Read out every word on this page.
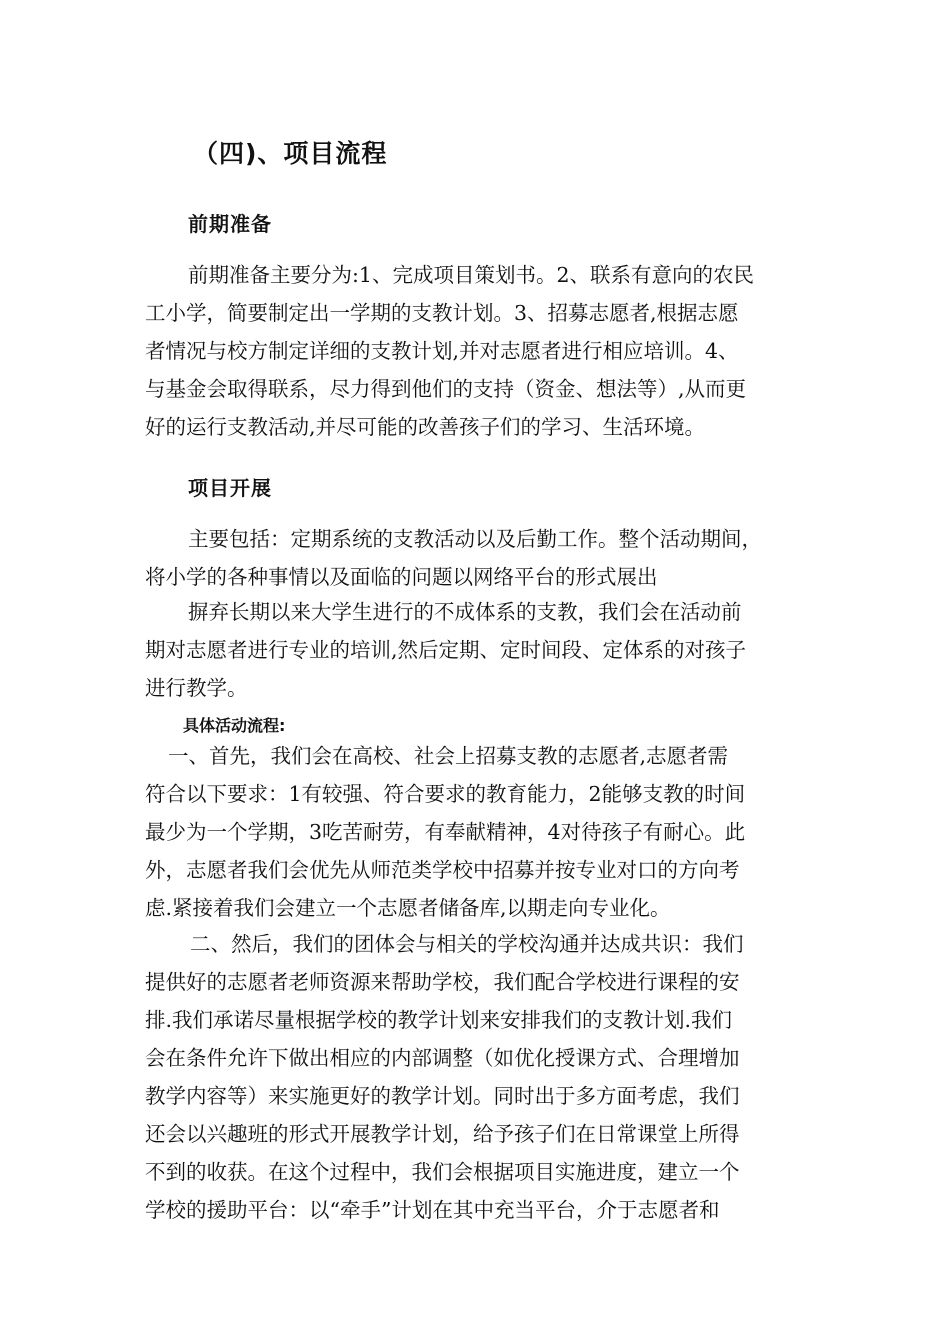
（四)、项目流程
前期准备
前期准备主要分为:1、完成项目策划书。2、联系有意向的农民
工小学，简要制定出一学期的支教计划。3、招募志愿者,根据志愿
者情况与校方制定详细的支教计划,并对志愿者进行相应培训。4、
与基金会取得联系，尽力得到他们的支持（资金、想法等）,从而更
好的运行支教活动,并尽可能的改善孩子们的学习、生活环境。
项目开展
主要包括：定期系统的支教活动以及后勤工作。整个活动期间，
将小学的各种事情以及面临的问题以网络平台的形式展出
摒弃长期以来大学生进行的不成体系的支教，我们会在活动前
期对志愿者进行专业的培训,然后定期、定时间段、定体系的对孩子
进行教学。
具体活动流程:
一、首先，我们会在高校、社会上招募支教的志愿者,志愿者需
符合以下要求：1有较强、符合要求的教育能力，2能够支教的时间
最少为一个学期，3吃苦耐劳，有奉献精神，4对待孩子有耐心。此
外，志愿者我们会优先从师范类学校中招募并按专业对口的方向考
虑.紧接着我们会建立一个志愿者储备库,以期走向专业化。
二、然后，我们的团体会与相关的学校沟通并达成共识：我们
提供好的志愿者老师资源来帮助学校，我们配合学校进行课程的安
排.我们承诺尽量根据学校的教学计划来安排我们的支教计划.我们
会在条件允许下做出相应的内部调整（如优化授课方式、合理增加
教学内容等）来实施更好的教学计划。同时出于多方面考虑，我们
还会以兴趣班的形式开展教学计划，给予孩子们在日常课堂上所得
不到的收获。在这个过程中，我们会根据项目实施进度，建立一个
学校的援助平台：以“牵手”计划在其中充当平台，介于志愿者和
